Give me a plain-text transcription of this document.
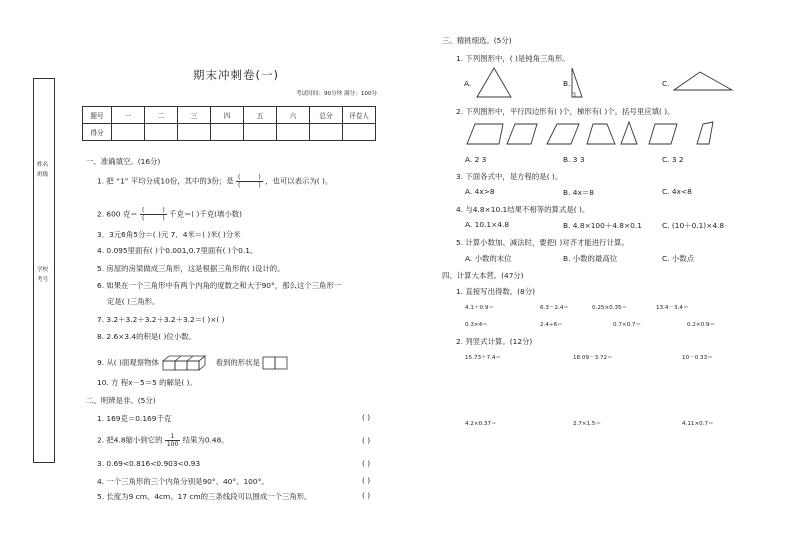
姓名
班级
学校
考号
期末冲刺卷(一)
考试时间：90分钟 满分：100分
题号	一	二	三	四	五	六	总分	评卷人
得分								
一、准确填空。(16分)
1. 把 “1” 平均分成10份，其中的3份；是 $\frac{( )}{( )}$ ，也可以表示为( )。
2. 600 克＝ $\frac{( )}{( )}$ 千克＝( )千克(填小数)
3．3元6角5分＝( )元 7．4米＝( )米( )分米
4. 0.095里面有( )个0.001,0.7里面有( )个0.1。
5. 房屋的房梁做成三角形，这是根据三角形的( )设计的。
6. 如果在一个三角形中有两个内角的度数之和大于90°，那么这个三角形一
定是( )三角形。
7. 3.2＋3.2＋3.2＋3.2＋3.2＝( )×( )
8. 2.6×3.4的积是( )位小数。
9. 从( )面观察物体	看到的形状是
10. 方 程x－5＝5 的解是( )。
二、明辨是非。(5分)
1. 169克＝0.169千克	( )
2. 把4.8缩小到它的 $\frac{1}{100}$ 结果为0.48。	( )
3. 0.69<0.816<0.903<0.93	( )
4. 一个三角形的三个内角分别是90°、40°、100°。	( )
5. 长度为9 cm、4cm、17 cm的三条线段可以围成一个三角形。	( )
三、精挑细选。(5分)
1. 下列图形中，( )是钝角三角形。
A.	B.	C.
2. 下列图形中，平行四边形有( )个，梯形有( )个。括号里应填( )。
A. 2 3	B. 3 3	C. 3 2
3. 下面各式中，是方程的是( )。
A. 4x>8	B. 4x＝8	C. 4x<8
4. 与4.8×10.1结果不相等的算式是( )。
A. 10.1×4.8	B. 4.8×100＋4.8×0.1	C. (10＋0.1)×4.8
5. 计算小数加、减法时，要把( )对齐才能进行计算。
A. 小数的末位	B. 小数的最高位	C. 小数点
四、计算大本营。(47分)
1. 直接写出得数。(8分)
4.1＋0.9＝	6.3－2.4＝	0.25×0.35＝	13.4－3.4＝
0.3×4＝	2.4÷6＝	0.7×0.7＝	0.2×0.9＝
2. 列竖式计算。(12分)
15.73＋7.4＝	18.09－3.72＝	10－0.33＝
4.2×0.37＝	2.7×1.5＝	4.11×0.7＝
